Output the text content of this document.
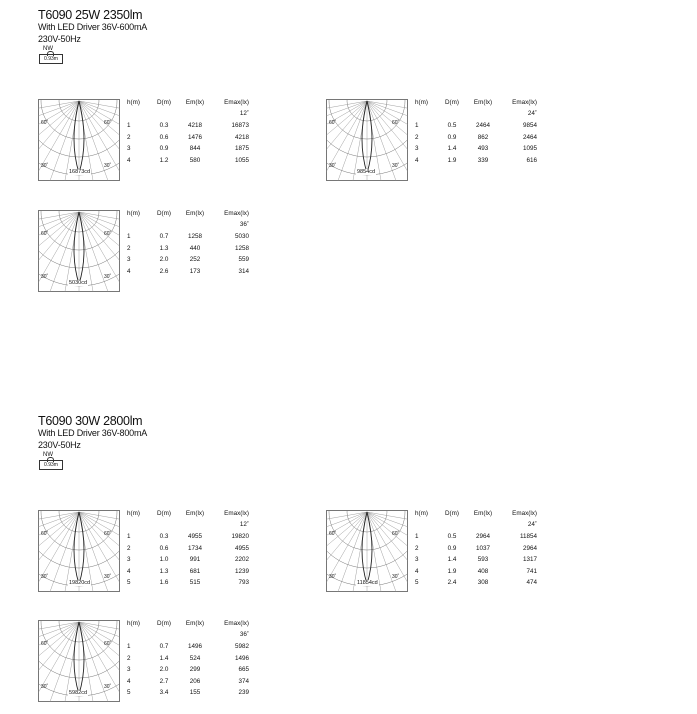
T6090 25W 2350lm
With LED Driver 36V-600mA
230V-50Hz
NW
0.93m
60˚	60˚
30˚	30˚
16873cd
h(m)	D(m)	Em(lx)	Emax(lx)
12˚
1	0.3	4218	16873
2	0.6	1476	4218
3	0.9	844	1875
4	1.2	580	1055
60˚	60˚
30˚	30˚
9854cd
h(m)	D(m)	Em(lx)	Emax(lx)
24˚
1	0.5	2464	9854
2	0.9	862	2464
3	1.4	493	1095
4	1.9	339	616
60˚	60˚
30˚	30˚
5030cd
h(m)	D(m)	Em(lx)	Emax(lx)
36˚
1	0.7	1258	5030
2	1.3	440	1258
3	2.0	252	559
4	2.6	173	314
T6090 30W 2800lm
With LED Driver 36V-800mA
230V-50Hz
NW
0.93m
60˚	60˚
30˚	30˚
19820cd
h(m)	D(m)	Em(lx)	Emax(lx)
12˚
1	0.3	4955	19820
2	0.6	1734	4955
3	1.0	991	2202
4	1.3	681	1239
5	1.6	515	793
60˚	60˚
30˚	30˚
11854cd
h(m)	D(m)	Em(lx)	Emax(lx)
24˚
1	0.5	2964	11854
2	0.9	1037	2964
3	1.4	593	1317
4	1.9	408	741
5	2.4	308	474
60˚	60˚
30˚	30˚
5982cd
h(m)	D(m)	Em(lx)	Emax(lx)
36˚
1	0.7	1496	5982
2	1.4	524	1496
3	2.0	299	665
4	2.7	206	374
5	3.4	155	239
